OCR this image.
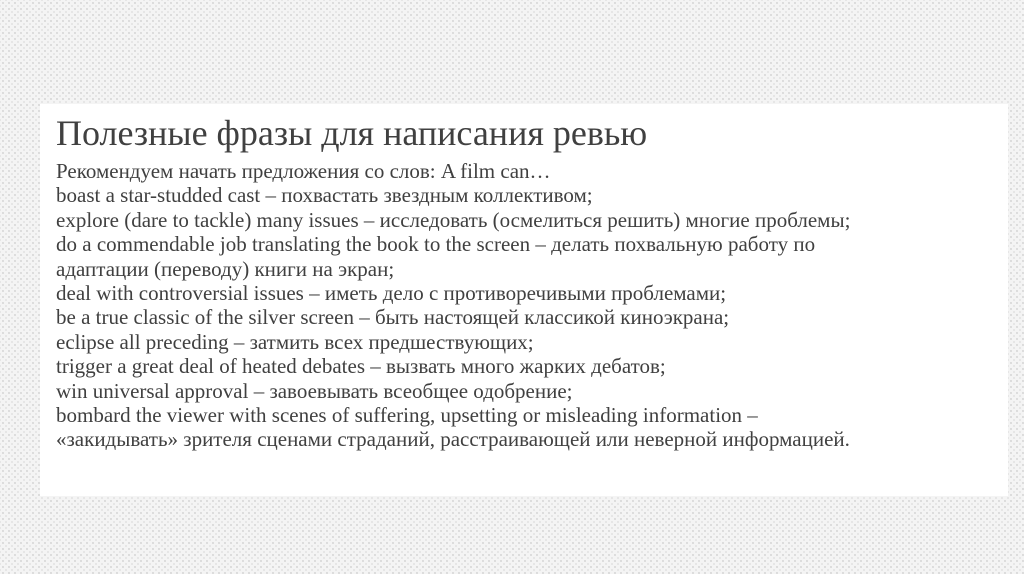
Полезные фразы для написания ревью
Рекомендуем начать предложения со слов: A film can…
boast a star-studded cast – похвастать звездным коллективом;
explore (dare to tackle) many issues – исследовать (осмелиться решить) многие проблемы;
do a commendable job translating the book to the screen – делать похвальную работу по
адаптации (переводу) книги на экран;
deal with controversial issues – иметь дело с противоречивыми проблемами;
be a true classic of the silver screen – быть настоящей классикой киноэкрана;
eclipse all preceding – затмить всех предшествующих;
trigger a great deal of heated debates – вызвать много жарких дебатов;
win universal approval – завоевывать всеобщее одобрение;
bombard the viewer with scenes of suffering, upsetting or misleading information –
«закидывать» зрителя сценами страданий, расстраивающей или неверной информацией.
